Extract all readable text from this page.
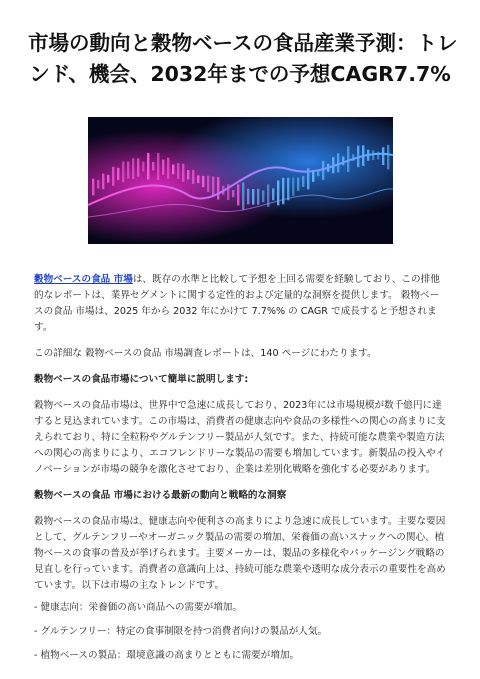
市場の動向と穀物ベースの食品産業予測：トレ
ンド、機会、2032年までの予想CAGR7.7%

穀物ベースの食品 市場は、既存の水準と比較して予想を上回る需要を経験しており、この排他的なレポートは、業界セグメントに関する定性的および定量的な洞察を提供します。 穀物ベースの食品 市場は、2025 年から 2032 年にかけて 7.7%% の CAGR で成長すると予想されます。

この詳細な 穀物ベースの食品 市場調査レポートは、140 ページにわたります。

穀物ベースの食品市場について簡単に説明します:

穀物ベースの食品市場は、世界中で急速に成長しており、2023年には市場規模が数千億円に達すると見込まれています。この市場は、消費者の健康志向や食品の多様性への関心の高まりに支えられており、特に全粒粉やグルテンフリー製品が人気です。また、持続可能な農業や製造方法への関心の高まりにより、エコフレンドリーな製品の需要も増加しています。新製品の投入やイノベーションが市場の競争を激化させており、企業は差別化戦略を強化する必要があります。

穀物ベースの食品 市場における最新の動向と戦略的な洞察

穀物ベースの食品市場は、健康志向や便利さの高まりにより急速に成長しています。主要な要因として、グルテンフリーやオーガニック製品の需要の増加、栄養価の高いスナックへの関心、植物ベースの食事の普及が挙げられます。主要メーカーは、製品の多様化やパッケージング戦略の見直しを行っています。消費者の意識向上は、持続可能な農業や透明な成分表示の重要性を高めています。以下は市場の主なトレンドです。

- 健康志向：栄養価の高い商品への需要が増加。

- グルテンフリー：特定の食事制限を持つ消費者向けの製品が人気。

- 植物ベースの製品：環境意識の高まりとともに需要が増加。
